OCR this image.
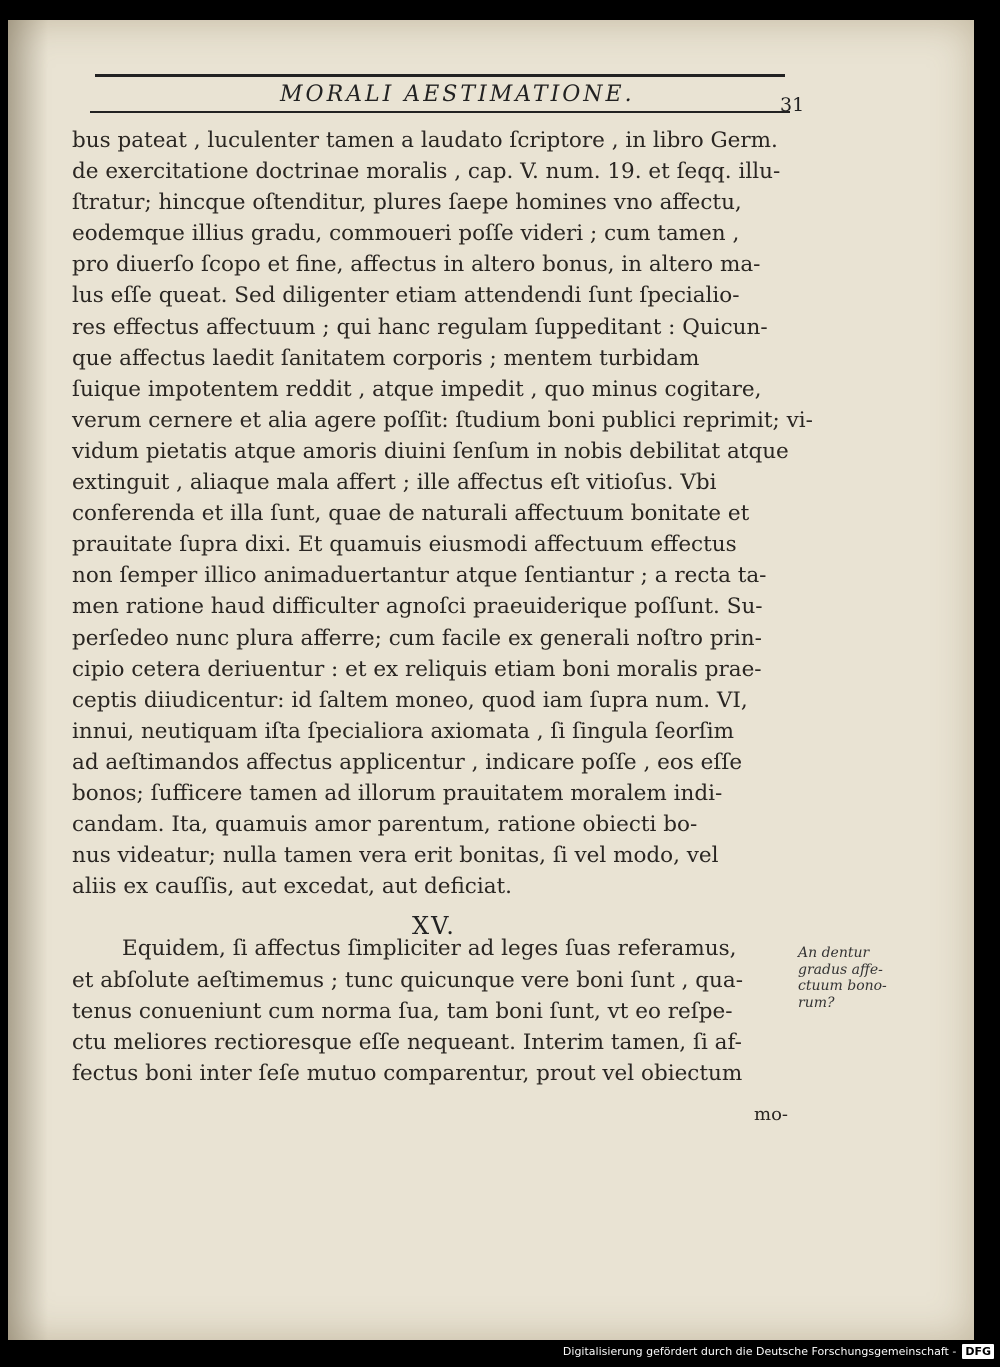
MORALI AESTIMATIONE.	31
bus pateat , luculenter tamen a laudato ſcriptore , in libro Germ.
de exercitatione doctrinae moralis , cap. V. num. 19. et ſeqq. illu-
ſtratur; hincque oſtenditur, plures ſaepe homines vno affectu,
eodemque illius gradu, commoueri poſſe videri ; cum tamen ,
pro diuerſo ſcopo et fine, affectus in altero bonus, in altero ma-
lus eſſe queat. Sed diligenter etiam attendendi ſunt ſpecialio-
res effectus affectuum ; qui hanc regulam ſuppeditant : Quicun-
que affectus laedit ſanitatem corporis ; mentem turbidam
ſuique impotentem reddit , atque impedit , quo minus cogitare,
verum cernere et alia agere poſſit: ſtudium boni publici reprimit; vi-
vidum pietatis atque amoris diuini ſenſum in nobis debilitat atque
extinguit , aliaque mala affert ; ille affectus eſt vitioſus. Vbi
conferenda et illa ſunt, quae de naturali affectuum bonitate et
prauitate ſupra dixi. Et quamuis eiusmodi affectuum effectus
non ſemper illico animaduertantur atque ſentiantur ; a recta ta-
men ratione haud difficulter agnoſci praeuiderique poſſunt. Su-
perſedeo nunc plura afferre; cum facile ex generali noſtro prin-
cipio cetera deriuentur : et ex reliquis etiam boni moralis prae-
ceptis diiudicentur: id ſaltem moneo, quod iam ſupra num. VI,
innui, neutiquam iſta ſpecialiora axiomata , ſi ſingula ſeorſim
ad aeſtimandos affectus applicentur , indicare poſſe , eos eſſe
bonos; ſufficere tamen ad illorum prauitatem moralem indi-
candam. Ita, quamuis amor parentum, ratione obiecti bo-
nus videatur; nulla tamen vera erit bonitas, ſi vel modo, vel
aliis ex cauſſis, aut excedat, aut deficiat.
Equidem, ſi affectus ſimpliciter ad leges ſuas referamus,
et abſolute aeſtimemus ; tunc quicunque vere boni ſunt , qua-
tenus conueniunt cum norma ſua, tam boni ſunt, vt eo reſpe-
ctu meliores rectioresque eſſe nequeant. Interim tamen, ſi af-
fectus boni inter ſeſe mutuo comparentur, prout vel obiectum
XV.
An dentur
gradus affe-
ctuum bono-
rum?
mo-
Digitalisierung gefördert durch die Deutsche Forschungsgemeinschaft - DFG
